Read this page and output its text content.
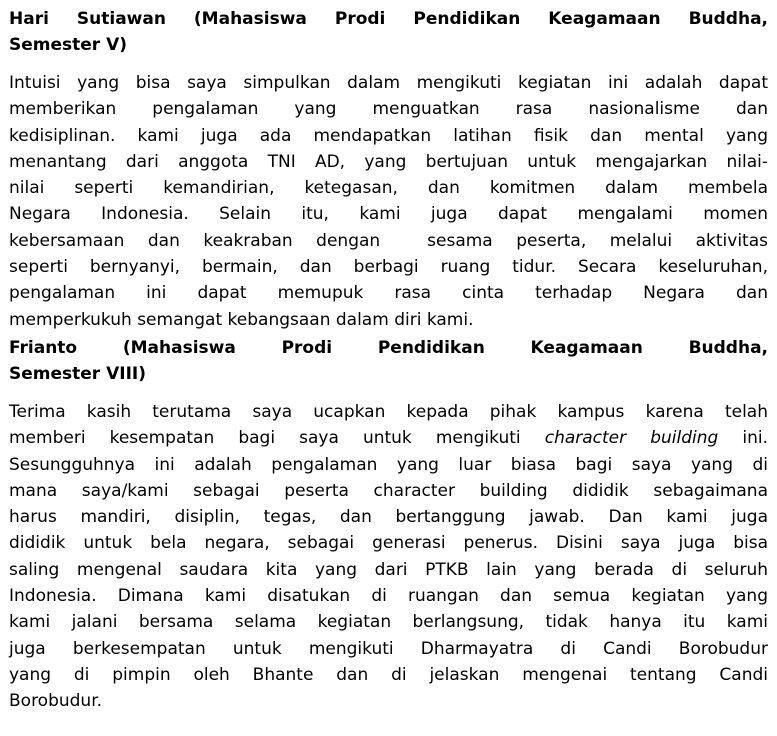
Hari Sutiawan (Mahasiswa Prodi Pendidikan Keagamaan Buddha,
Semester V)
Intuisi yang bisa saya simpulkan dalam mengikuti kegiatan ini adalah dapat
memberikan pengalaman yang menguatkan rasa nasionalisme dan
kedisiplinan. kami juga ada mendapatkan latihan fisik dan mental yang
menantang dari anggota TNI AD, yang bertujuan untuk mengajarkan nilai-
nilai seperti kemandirian, ketegasan, dan komitmen dalam membela
Negara Indonesia. Selain itu, kami juga dapat mengalami momen
kebersamaan dan keakraban dengan  sesama peserta, melalui aktivitas
seperti bernyanyi, bermain, dan berbagi ruang tidur. Secara keseluruhan,
pengalaman ini dapat memupuk rasa cinta terhadap Negara dan
memperkukuh semangat kebangsaan dalam diri kami.
Frianto (Mahasiswa Prodi Pendidikan Keagamaan Buddha,
Semester VIII)
Terima kasih terutama saya ucapkan kepada pihak kampus karena telah
memberi kesempatan bagi saya untuk mengikuti character building ini.
Sesungguhnya ini adalah pengalaman yang luar biasa bagi saya yang di
mana saya/kami sebagai peserta character building dididik sebagaimana
harus mandiri, disiplin, tegas, dan bertanggung jawab. Dan kami juga
dididik untuk bela negara, sebagai generasi penerus. Disini saya juga bisa
saling mengenal saudara kita yang dari PTKB lain yang berada di seluruh
Indonesia. Dimana kami disatukan di ruangan dan semua kegiatan yang
kami jalani bersama selama kegiatan berlangsung, tidak hanya itu kami
juga berkesempatan untuk mengikuti Dharmayatra di Candi Borobudur
yang di pimpin oleh Bhante dan di jelaskan mengenai tentang Candi
Borobudur.
